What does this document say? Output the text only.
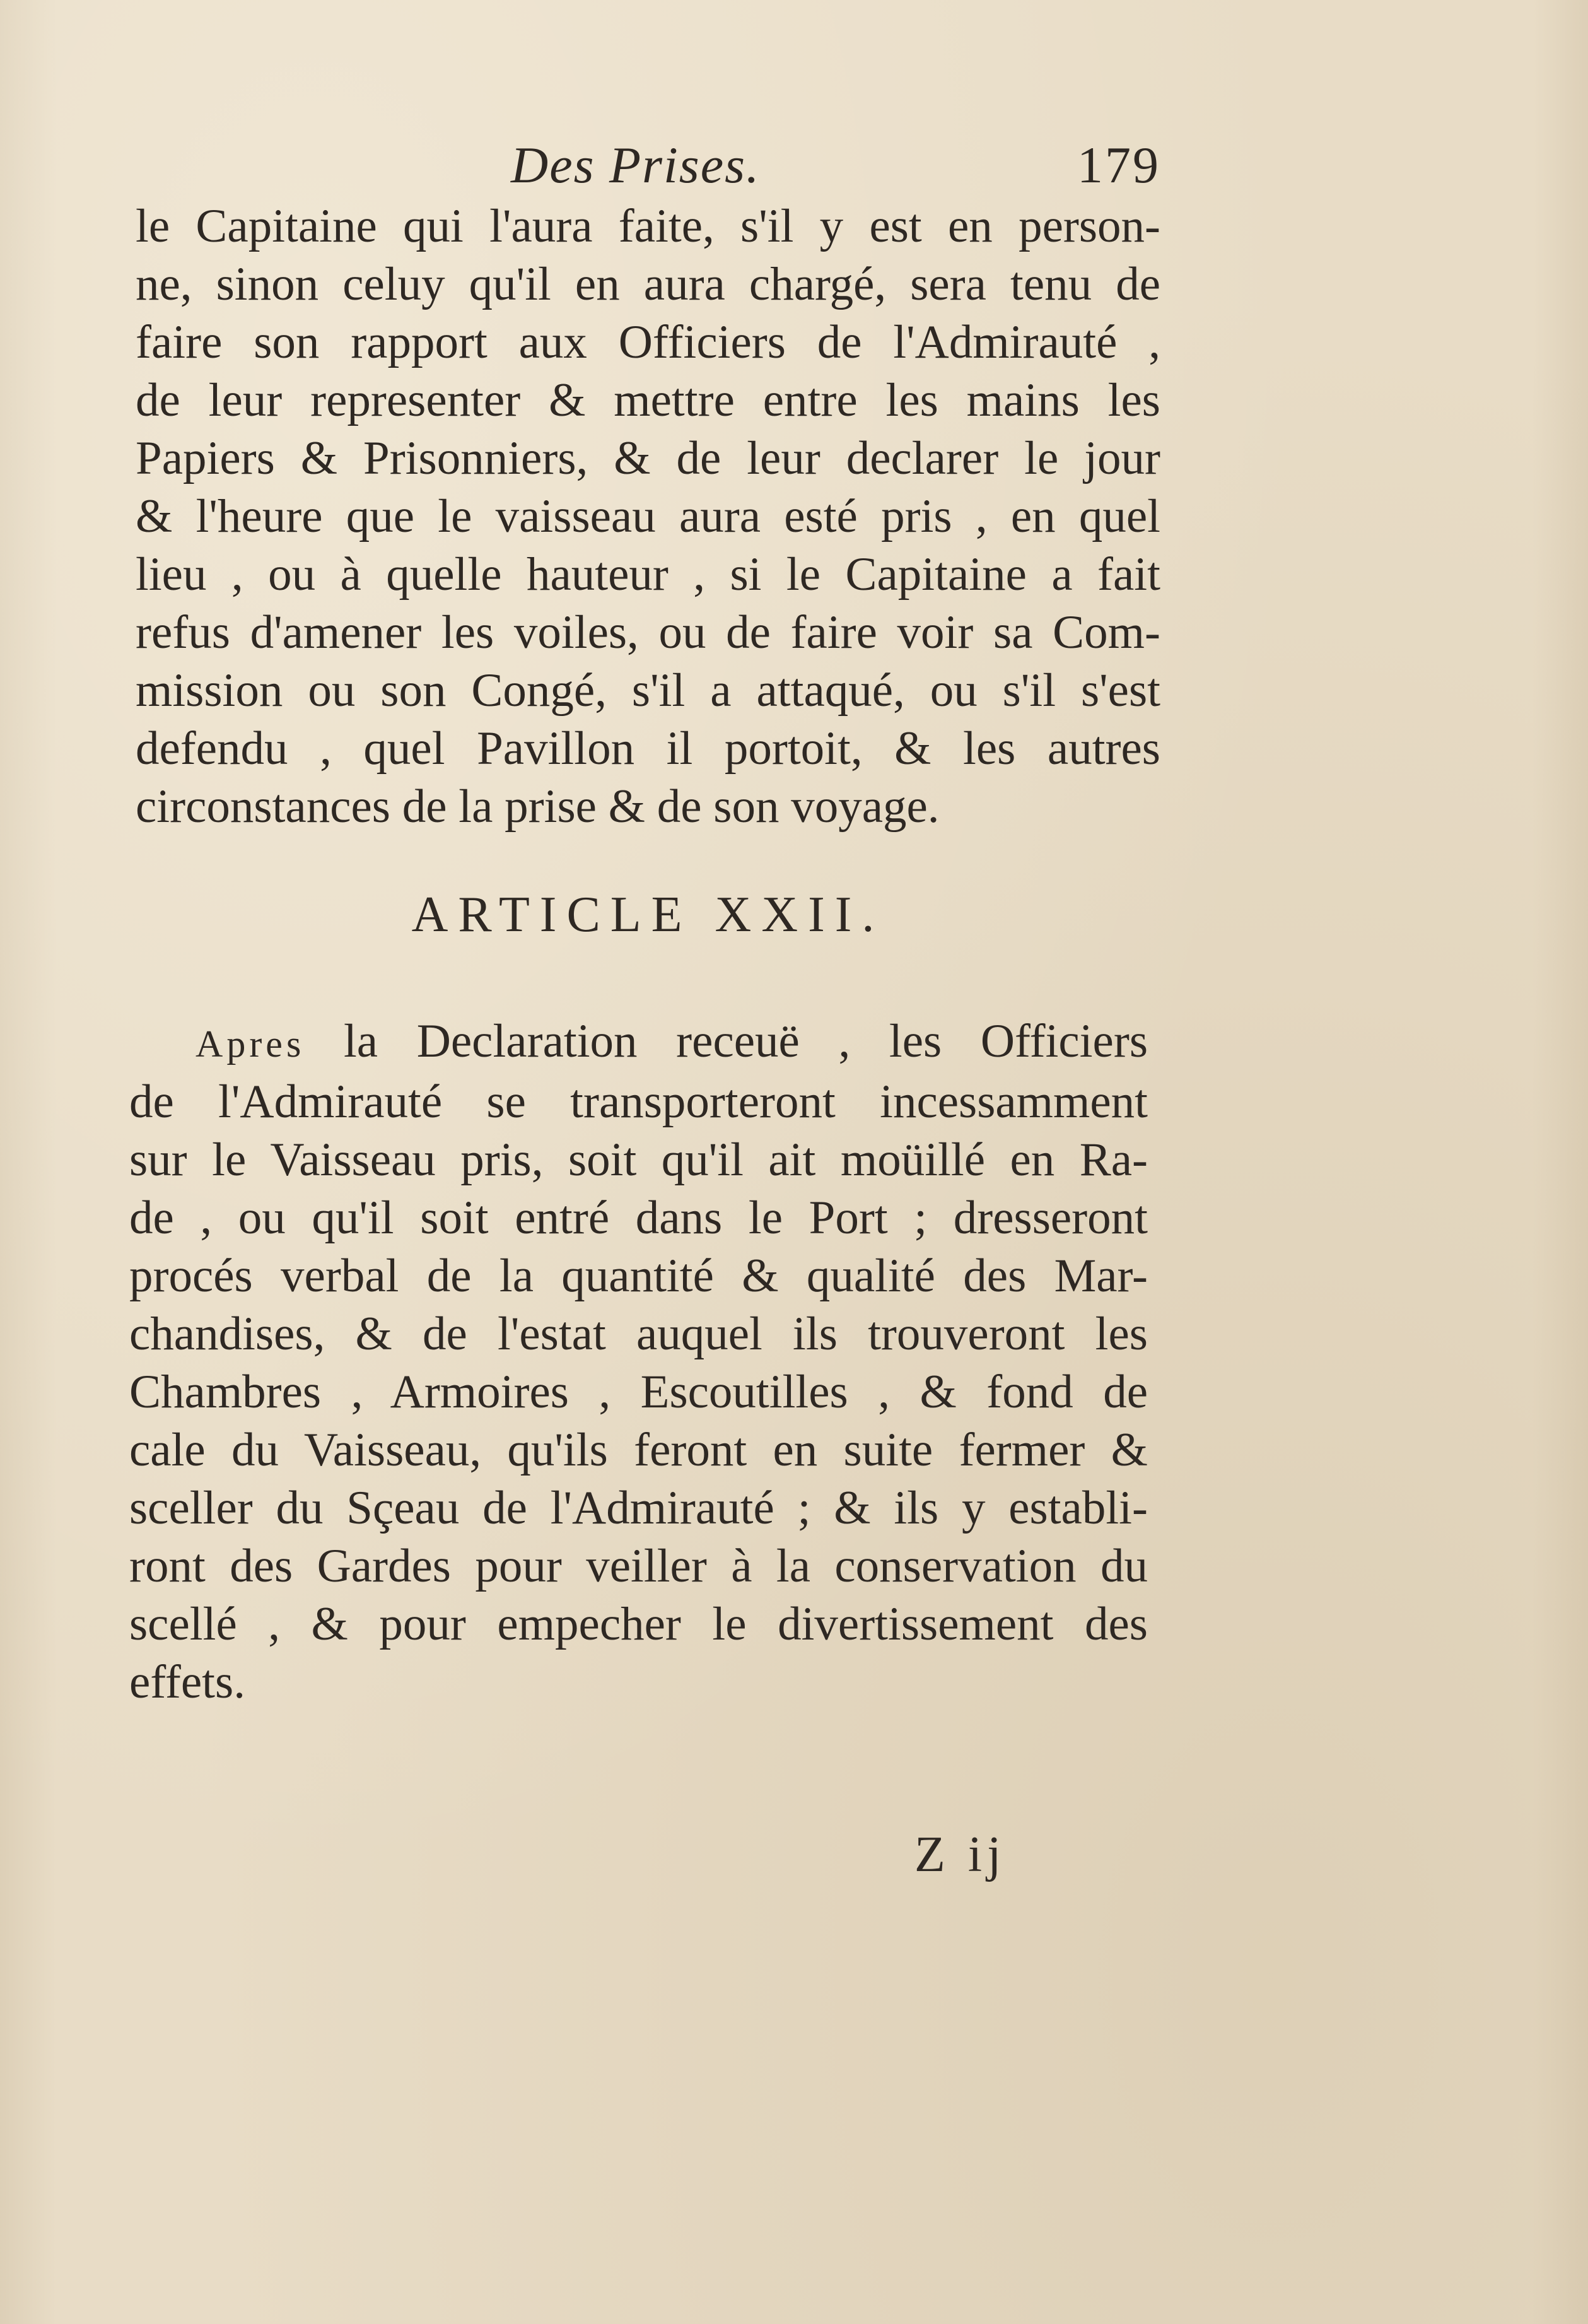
Des Prises.	179
le Capitaine qui l'aura faite, s'il y est en person-
ne, sinon celuy qu'il en aura chargé, sera tenu de
faire son rapport aux Officiers de l'Admirauté ,
de leur representer & mettre entre les mains les
Papiers & Prisonniers, & de leur declarer le jour
& l'heure que le vaisseau aura esté pris , en quel
lieu , ou à quelle hauteur , si le Capitaine a fait
refus d'amener les voiles, ou de faire voir sa Com-
mission ou son Congé, s'il a attaqué, ou s'il s'est
defendu , quel Pavillon il portoit, & les autres
circonstances de la prise & de son voyage.
ARTICLE XXII.
Apres la Declaration receuë , les Officiers
de l'Admirauté se transporteront incessamment
sur le Vaisseau pris, soit qu'il ait moüillé en Ra-
de , ou qu'il soit entré dans le Port ; dresseront
procés verbal de la quantité & qualité des Mar-
chandises, & de l'estat auquel ils trouveront les
Chambres , Armoires , Escoutilles , & fond de
cale du Vaisseau, qu'ils feront en suite fermer &
sceller du Sçeau de l'Admirauté ; & ils y establi-
ront des Gardes pour veiller à la conservation du
scellé , & pour empecher le divertissement des
effets.
Z ij
